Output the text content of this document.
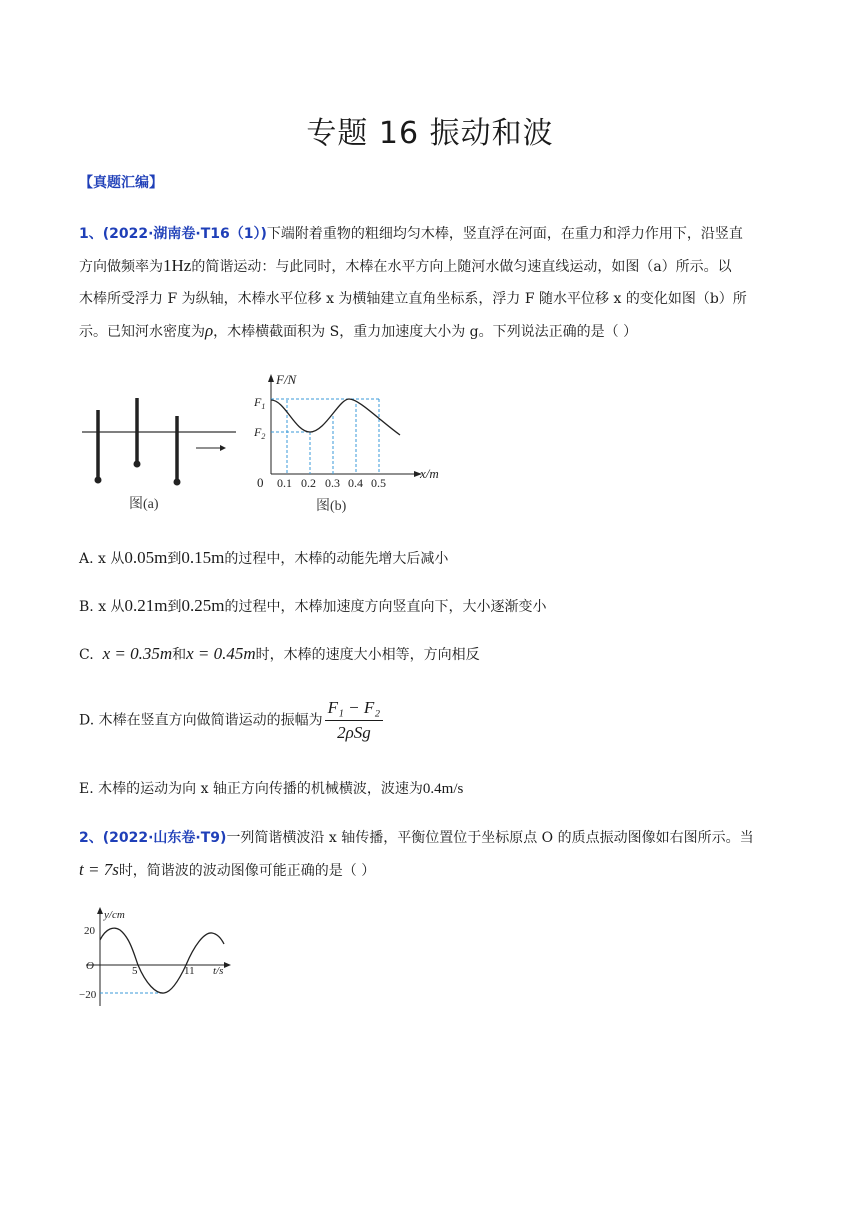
专题 16 振动和波
【真题汇编】
1、(2022·湖南卷·T16（1）)下端附着重物的粗细均匀木棒，竖直浮在河面，在重力和浮力作用下，沿竖直
方向做频率为1Hz的简谐运动：与此同时，木棒在水平方向上随河水做匀速直线运动，如图（a）所示。以
木棒所受浮力 F 为纵轴，木棒水平位移 x 为横轴建立直角坐标系，浮力 F 随水平位移 x 的变化如图（b）所
示。已知河水密度为ρ，木棒横截面积为 S，重力加速度大小为 g。下列说法正确的是（ ）
图(a)
F/N
x/m
0
$F_1$
$F_2$
0.1 0.2 0.3 0.4 0.5
图(b)
A. x 从0.05m到0.15m的过程中，木棒的动能先增大后减小
B. x 从0.21m到0.25m的过程中，木棒加速度方向竖直向下，大小逐渐变小
C. x = 0.35m和x = 0.45m时，木棒的速度大小相等，方向相反
D. 木棒在竖直方向做简谐运动的振幅为 $\frac{\text{F₁ − F₂}}{\text{2ρSg}}$
E. 木棒的运动为向 x 轴正方向传播的机械横波，波速为0.4m/s
2、(2022·山东卷·T9)一列简谐横波沿 x 轴传播，平衡位置位于坐标原点 O 的质点振动图像如右图所示。当
t = 7s时，简谐波的波动图像可能正确的是（ ）
y/cm
t/s
O
20
−20
5	11
